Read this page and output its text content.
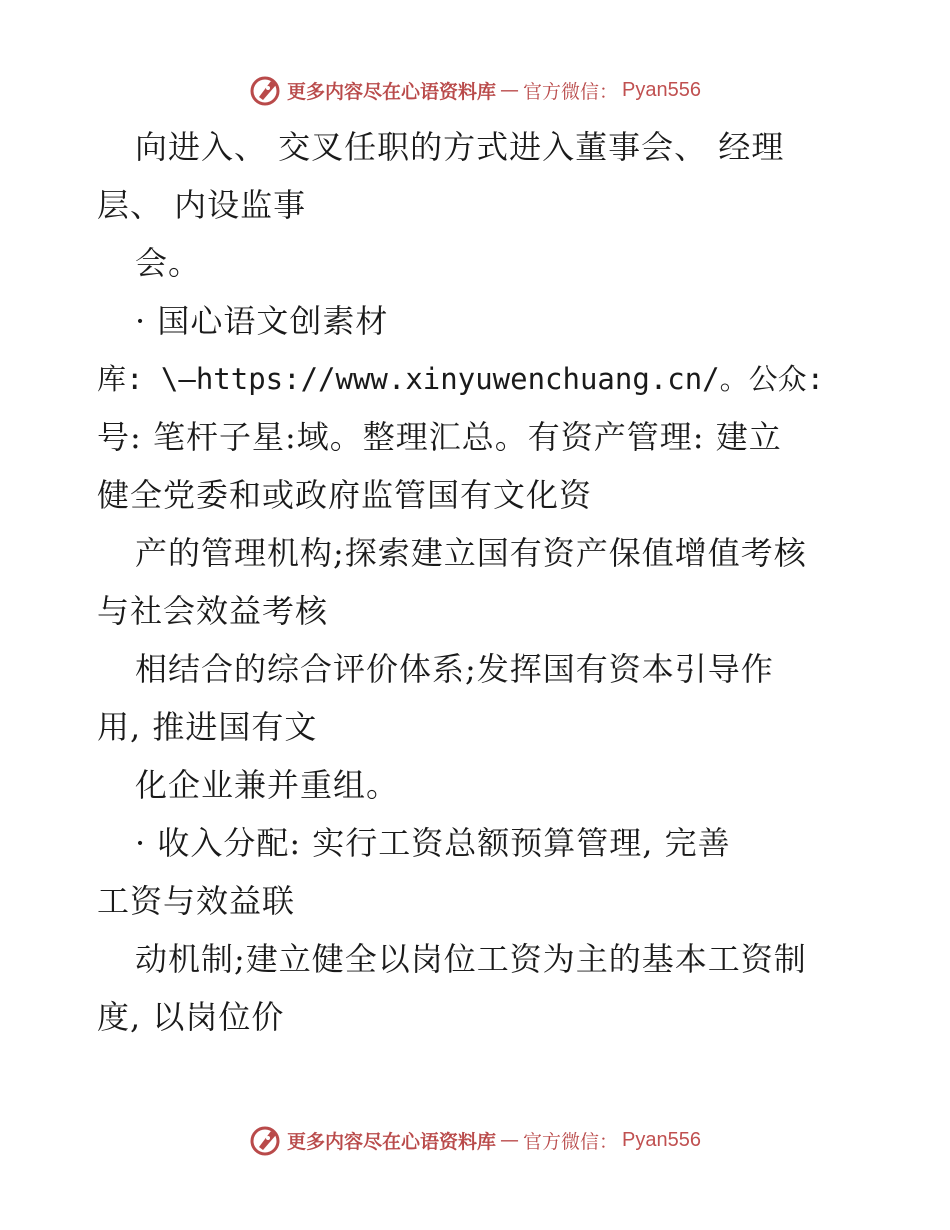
更多内容尽在心语资料库 — 官方微信： Pyan556
向进入、 交叉任职的方式进入董事会、 经理
层、 内设监事
会。
· 国心语文创素材
库: \—https://www.xinyuwenchuang.cn/。公众:
号: 笔杆子星:域。整理汇总。有资产管理: 建立
健全党委和或政府监管国有文化资
产的管理机构;探索建立国有资产保值增值考核
与社会效益考核
相结合的综合评价体系;发挥国有资本引导作
用, 推进国有文
化企业兼并重组。
· 收入分配: 实行工资总额预算管理, 完善
工资与效益联
动机制;建立健全以岗位工资为主的基本工资制
度, 以岗位价
更多内容尽在心语资料库 — 官方微信： Pyan556
